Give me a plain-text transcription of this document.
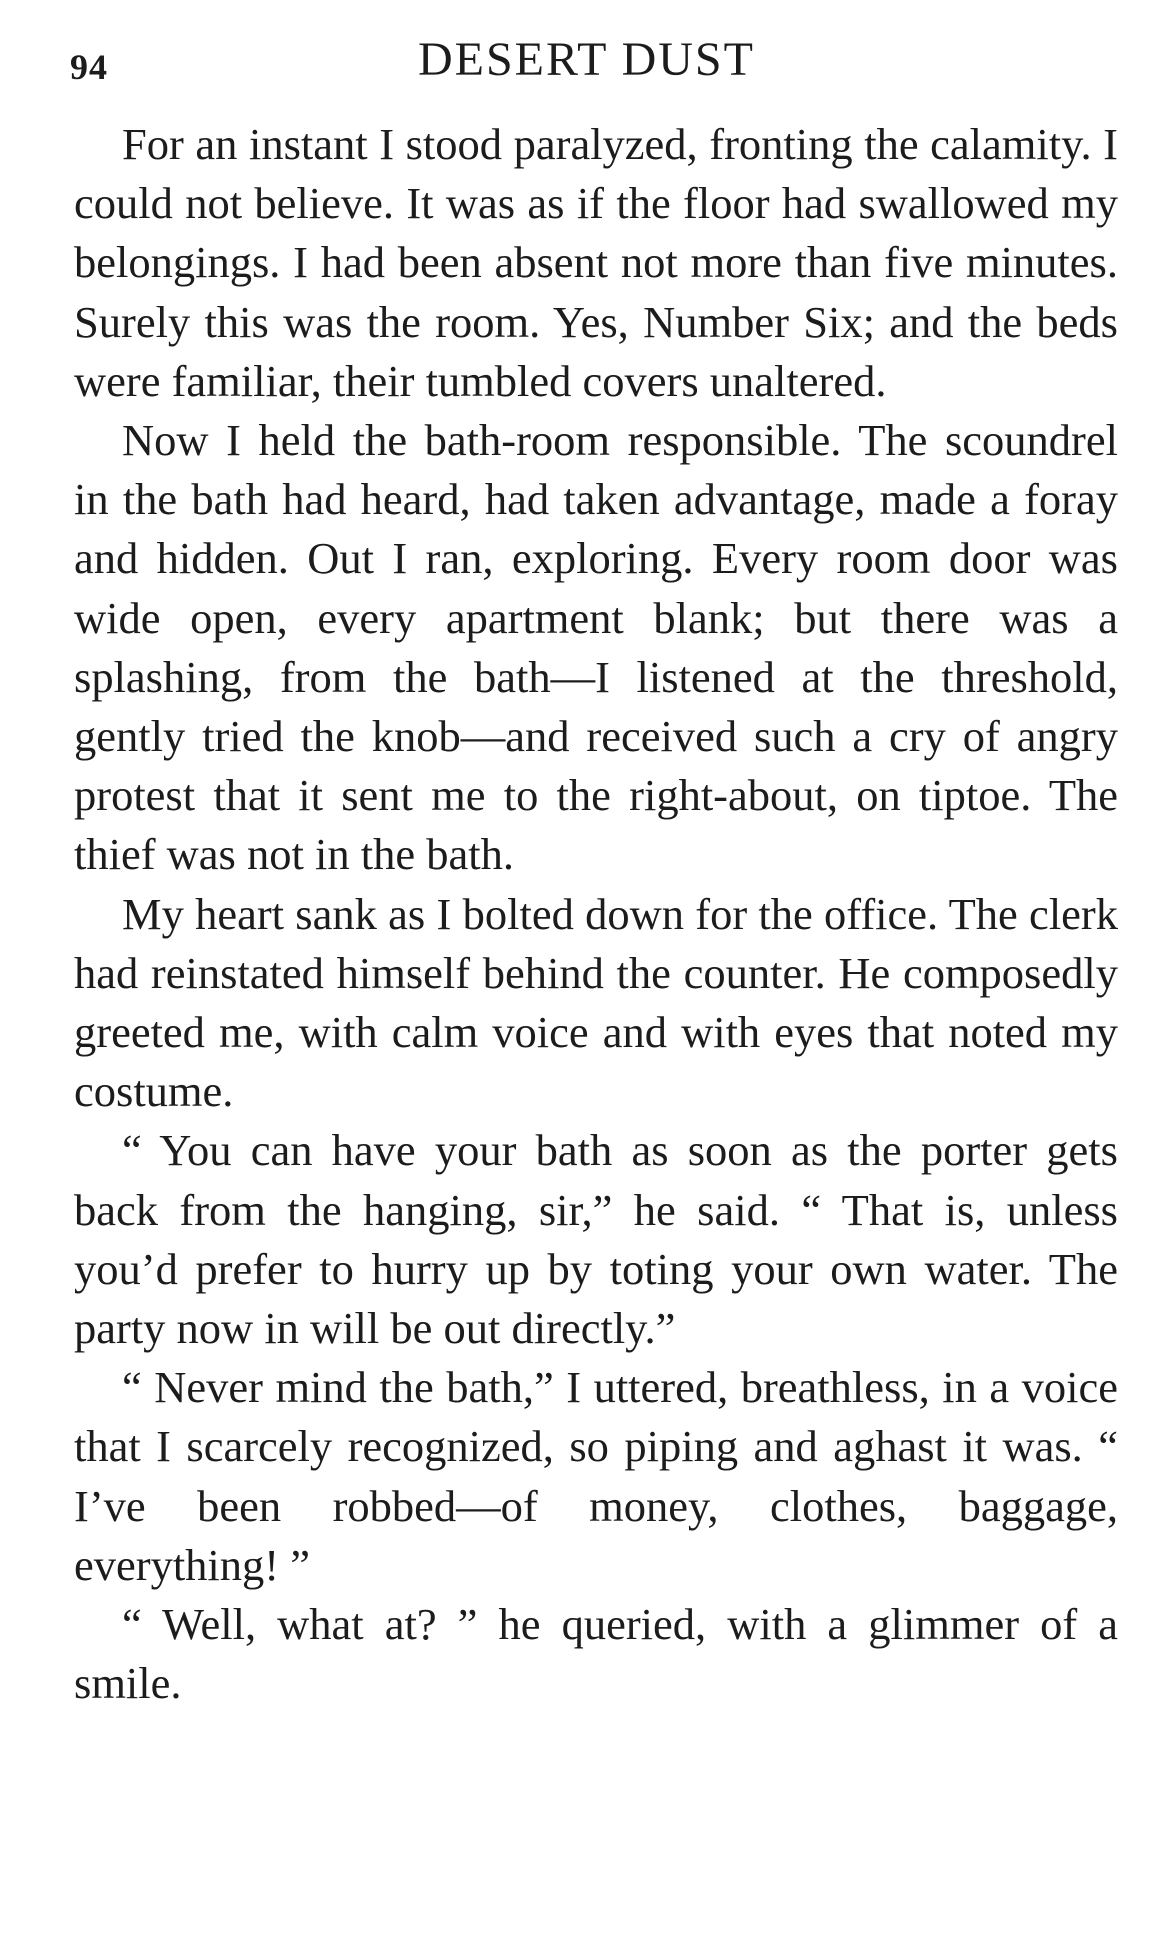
94	DESERT DUST

For an instant I stood paralyzed, fronting the calamity. I could not believe. It was as if the floor had swallowed my belongings. I had been absent not more than five minutes. Surely this was the room. Yes, Number Six; and the beds were familiar, their tumbled covers unaltered.

Now I held the bath-room responsible. The scoundrel in the bath had heard, had taken advantage, made a foray and hidden. Out I ran, exploring. Every room door was wide open, every apartment blank; but there was a splashing, from the bath—I listened at the threshold, gently tried the knob—and received such a cry of angry protest that it sent me to the right-about, on tiptoe. The thief was not in the bath.

My heart sank as I bolted down for the office. The clerk had reinstated himself behind the counter. He composedly greeted me, with calm voice and with eyes that noted my costume.

“ You can have your bath as soon as the porter gets back from the hanging, sir,” he said. “ That is, unless you’d prefer to hurry up by toting your own water. The party now in will be out directly.”

“ Never mind the bath,” I uttered, breathless, in a voice that I scarcely recognized, so piping and aghast it was. “ I’ve been robbed—of money, clothes, baggage, everything! ”

“ Well, what at? ” he queried, with a glimmer of a smile.
